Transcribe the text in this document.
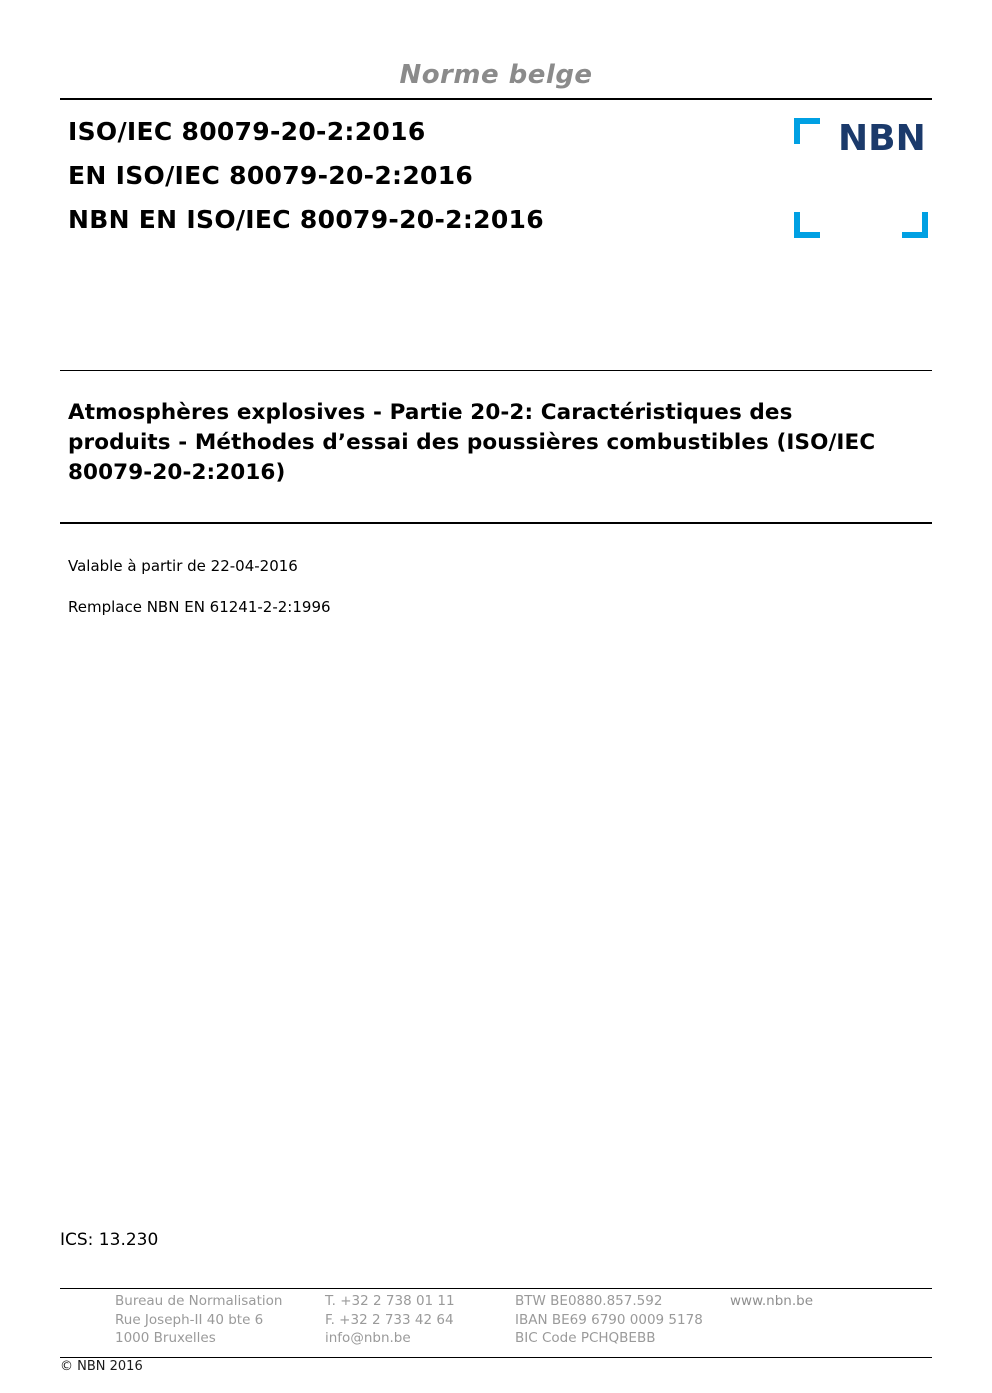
Norme belge
ISO/IEC 80079-20-2:2016
EN ISO/IEC 80079-20-2:2016
NBN EN ISO/IEC 80079-20-2:2016
NBN
Atmosphères explosives - Partie 20-2: Caractéristiques des produits - Méthodes d’essai des poussières combustibles (ISO/IEC 80079-20-2:2016)
Valable à partir de 22-04-2016
Remplace NBN EN 61241-2-2:1996
ICS: 13.230
Bureau de Normalisation
Rue Joseph-II 40 bte 6
1000 Bruxelles
T. +32 2 738 01 11
F. +32 2 733 42 64
info@nbn.be
BTW BE0880.857.592
IBAN BE69 6790 0009 5178
BIC Code PCHQBEBB
www.nbn.be
© NBN 2016
